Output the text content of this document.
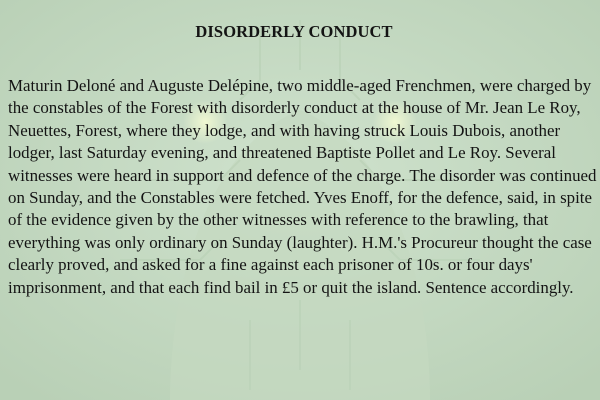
DISORDERLY CONDUCT

Maturin Deloné and Auguste Delépine, two middle-aged Frenchmen, were charged by the constables of the Forest with disorderly conduct at the house of Mr. Jean Le Roy, Neuettes, Forest, where they lodge, and with having struck Louis Dubois, another lodger, last Saturday evening, and threatened Baptiste Pollet and Le Roy. Several witnesses were heard in support and defence of the charge. The disorder was continued on Sunday, and the Constables were fetched. Yves Enoff, for the defence, said, in spite of the evidence given by the other witnesses with reference to the brawling, that everything was only ordinary on Sunday (laughter). H.M.'s Procureur thought the case clearly proved, and asked for a fine against each prisoner of 10s. or four days' imprisonment, and that each find bail in £5 or quit the island. Sentence accordingly.
